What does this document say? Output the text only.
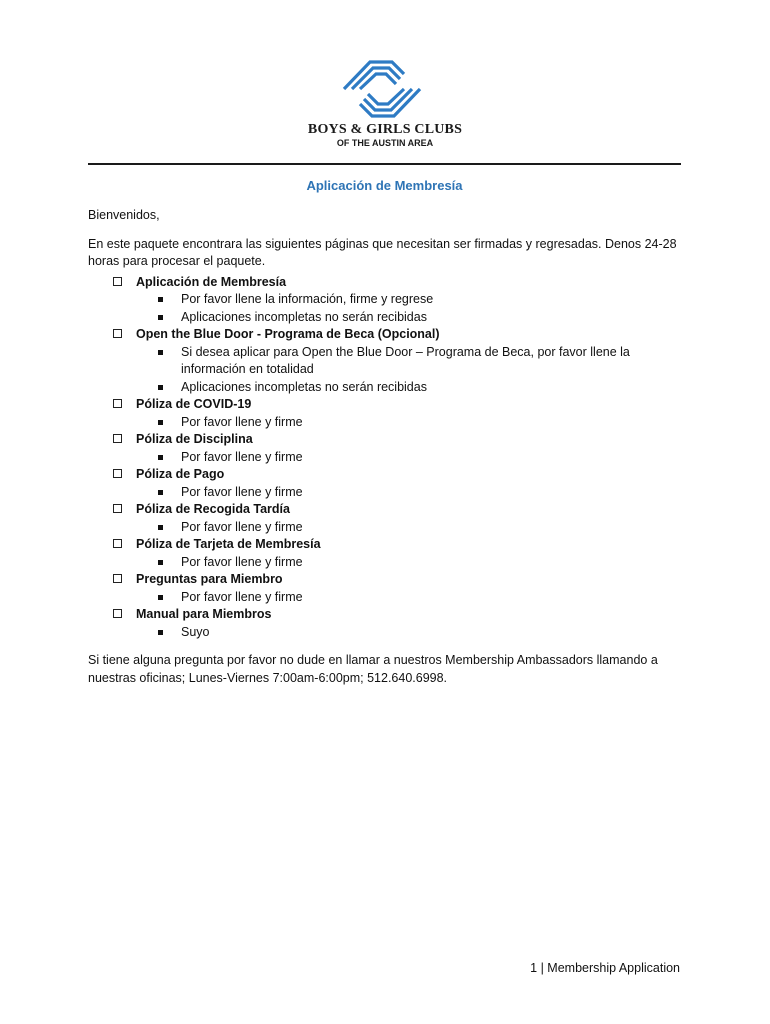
BOYS & GIRLS CLUBS
OF THE AUSTIN AREA
Aplicación de Membresía

Bienvenidos,

En este paquete encontrara las siguientes páginas que necesitan ser firmadas y regresadas. Denos 24-28 horas para procesar el paquete.

Aplicación de Membresía
Por favor llene la información, firme y regrese
Aplicaciones incompletas no serán recibidas
Open the Blue Door - Programa de Beca (Opcional)
Si desea aplicar para Open the Blue Door – Programa de Beca, por favor llene la información en totalidad
Aplicaciones incompletas no serán recibidas
Póliza de COVID-19
Por favor llene y firme
Póliza de Disciplina
Por favor llene y firme
Póliza de Pago
Por favor llene y firme
Póliza de Recogida Tardía
Por favor llene y firme
Póliza de Tarjeta de Membresía
Por favor llene y firme
Preguntas para Miembro
Por favor llene y firme
Manual para Miembros
Suyo

Si tiene alguna pregunta por favor no dude en llamar a nuestros Membership Ambassadors llamando a nuestras oficinas; Lunes-Viernes 7:00am-6:00pm; 512.640.6998.

1 | Membership Application
